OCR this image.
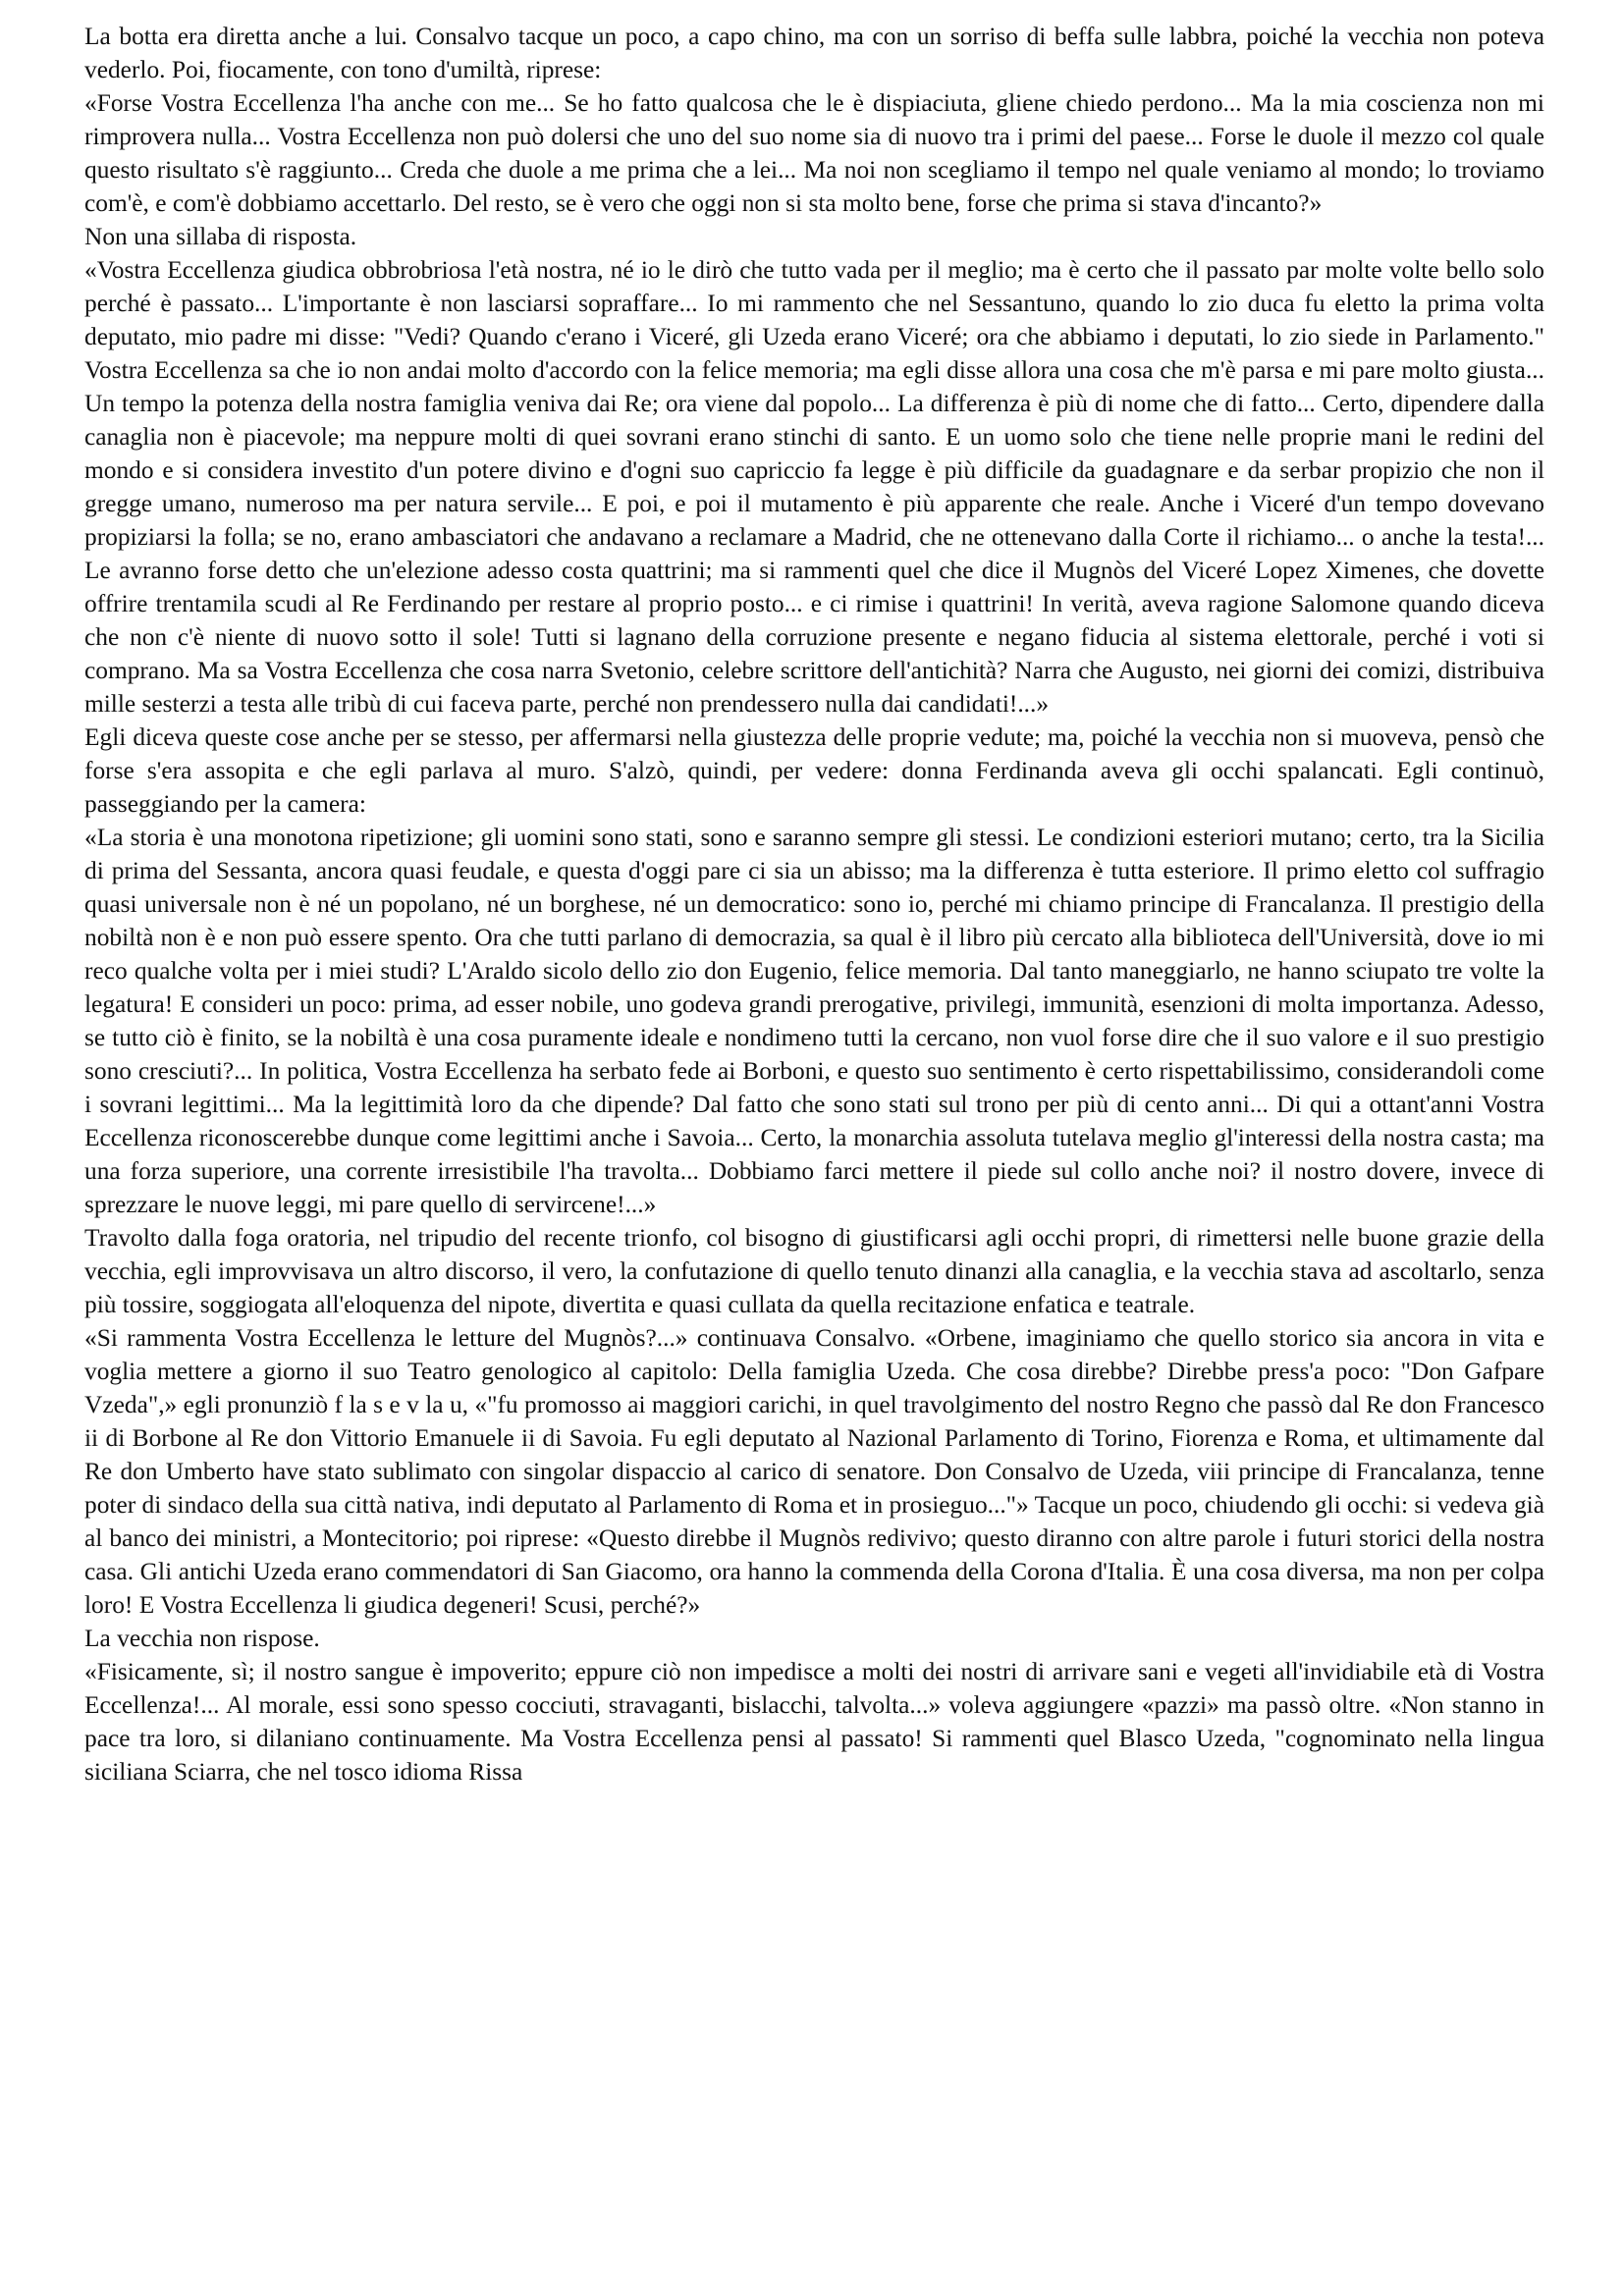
La botta era diretta anche a lui. Consalvo tacque un poco, a capo chino, ma con un sorriso di beffa sulle labbra, poiché la vecchia non poteva vederlo. Poi, fiocamente, con tono d'umiltà, riprese:

«Forse Vostra Eccellenza l'ha anche con me... Se ho fatto qualcosa che le è dispiaciuta, gliene chiedo perdono... Ma la mia coscienza non mi rimprovera nulla... Vostra Eccellenza non può dolersi che uno del suo nome sia di nuovo tra i primi del paese... Forse le duole il mezzo col quale questo risultato s'è raggiunto... Creda che duole a me prima che a lei... Ma noi non scegliamo il tempo nel quale veniamo al mondo; lo troviamo com'è, e com'è dobbiamo accettarlo. Del resto, se è vero che oggi non si sta molto bene, forse che prima si stava d'incanto?»

Non una sillaba di risposta.

«Vostra Eccellenza giudica obbrobriosa l'età nostra, né io le dirò che tutto vada per il meglio; ma è certo che il passato par molte volte bello solo perché è passato... L'importante è non lasciarsi sopraffare... Io mi rammento che nel Sessantuno, quando lo zio duca fu eletto la prima volta deputato, mio padre mi disse: "Vedi? Quando c'erano i Viceré, gli Uzeda erano Viceré; ora che abbiamo i deputati, lo zio siede in Parlamento." Vostra Eccellenza sa che io non andai molto d'accordo con la felice memoria; ma egli disse allora una cosa che m'è parsa e mi pare molto giusta... Un tempo la potenza della nostra famiglia veniva dai Re; ora viene dal popolo... La differenza è più di nome che di fatto... Certo, dipendere dalla canaglia non è piacevole; ma neppure molti di quei sovrani erano stinchi di santo. E un uomo solo che tiene nelle proprie mani le redini del mondo e si considera investito d'un potere divino e d'ogni suo capriccio fa legge è più difficile da guadagnare e da serbar propizio che non il gregge umano, numeroso ma per natura servile... E poi, e poi il mutamento è più apparente che reale. Anche i Viceré d'un tempo dovevano propiziarsi la folla; se no, erano ambasciatori che andavano a reclamare a Madrid, che ne ottenevano dalla Corte il richiamo... o anche la testa!... Le avranno forse detto che un'elezione adesso costa quattrini; ma si rammenti quel che dice il Mugnòs del Viceré Lopez Ximenes, che dovette offrire trentamila scudi al Re Ferdinando per restare al proprio posto... e ci rimise i quattrini! In verità, aveva ragione Salomone quando diceva che non c'è niente di nuovo sotto il sole! Tutti si lagnano della corruzione presente e negano fiducia al sistema elettorale, perché i voti si comprano. Ma sa Vostra Eccellenza che cosa narra Svetonio, celebre scrittore dell'antichità? Narra che Augusto, nei giorni dei comizi, distribuiva mille sesterzi a testa alle tribù di cui faceva parte, perché non prendessero nulla dai candidati!...»

Egli diceva queste cose anche per se stesso, per affermarsi nella giustezza delle proprie vedute; ma, poiché la vecchia non si muoveva, pensò che forse s'era assopita e che egli parlava al muro. S'alzò, quindi, per vedere: donna Ferdinanda aveva gli occhi spalancati. Egli continuò, passeggiando per la camera:

«La storia è una monotona ripetizione; gli uomini sono stati, sono e saranno sempre gli stessi. Le condizioni esteriori mutano; certo, tra la Sicilia di prima del Sessanta, ancora quasi feudale, e questa d'oggi pare ci sia un abisso; ma la differenza è tutta esteriore. Il primo eletto col suffragio quasi universale non è né un popolano, né un borghese, né un democratico: sono io, perché mi chiamo principe di Francalanza. Il prestigio della nobiltà non è e non può essere spento. Ora che tutti parlano di democrazia, sa qual è il libro più cercato alla biblioteca dell'Università, dove io mi reco qualche volta per i miei studi? L'Araldo sicolo dello zio don Eugenio, felice memoria. Dal tanto maneggiarlo, ne hanno sciupato tre volte la legatura! E consideri un poco: prima, ad esser nobile, uno godeva grandi prerogative, privilegi, immunità, esenzioni di molta importanza. Adesso, se tutto ciò è finito, se la nobiltà è una cosa puramente ideale e nondimeno tutti la cercano, non vuol forse dire che il suo valore e il suo prestigio sono cresciuti?... In politica, Vostra Eccellenza ha serbato fede ai Borboni, e questo suo sentimento è certo rispettabilissimo, considerandoli come i sovrani legittimi... Ma la legittimità loro da che dipende? Dal fatto che sono stati sul trono per più di cento anni... Di qui a ottant'anni Vostra Eccellenza riconoscerebbe dunque come legittimi anche i Savoia... Certo, la monarchia assoluta tutelava meglio gl'interessi della nostra casta; ma una forza superiore, una corrente irresistibile l'ha travolta... Dobbiamo farci mettere il piede sul collo anche noi? il nostro dovere, invece di sprezzare le nuove leggi, mi pare quello di servircene!...»

Travolto dalla foga oratoria, nel tripudio del recente trionfo, col bisogno di giustificarsi agli occhi propri, di rimettersi nelle buone grazie della vecchia, egli improvvisava un altro discorso, il vero, la confutazione di quello tenuto dinanzi alla canaglia, e la vecchia stava ad ascoltarlo, senza più tossire, soggiogata all'eloquenza del nipote, divertita e quasi cullata da quella recitazione enfatica e teatrale.

«Si rammenta Vostra Eccellenza le letture del Mugnòs?...» continuava Consalvo. «Orbene, imaginiamo che quello storico sia ancora in vita e voglia mettere a giorno il suo Teatro genologico al capitolo: Della famiglia Uzeda. Che cosa direbbe? Direbbe press'a poco: "Don Gafpare Vzeda",» egli pronunziò f la s e v la u, «"fu promosso ai maggiori carichi, in quel travolgimento del nostro Regno che passò dal Re don Francesco ii di Borbone al Re don Vittorio Emanuele ii di Savoia. Fu egli deputato al Nazional Parlamento di Torino, Fiorenza e Roma, et ultimamente dal Re don Umberto have stato sublimato con singolar dispaccio al carico di senatore. Don Consalvo de Uzeda, viii principe di Francalanza, tenne poter di sindaco della sua città nativa, indi deputato al Parlamento di Roma et in prosieguo..."» Tacque un poco, chiudendo gli occhi: si vedeva già al banco dei ministri, a Montecitorio; poi riprese: «Questo direbbe il Mugnòs redivivo; questo diranno con altre parole i futuri storici della nostra casa. Gli antichi Uzeda erano commendatori di San Giacomo, ora hanno la commenda della Corona d'Italia. È una cosa diversa, ma non per colpa loro! E Vostra Eccellenza li giudica degeneri! Scusi, perché?»

La vecchia non rispose.

«Fisicamente, sì; il nostro sangue è impoverito; eppure ciò non impedisce a molti dei nostri di arrivare sani e vegeti all'invidiabile età di Vostra Eccellenza!... Al morale, essi sono spesso cocciuti, stravaganti, bislacchi, talvolta...» voleva aggiungere «pazzi» ma passò oltre. «Non stanno in pace tra loro, si dilaniano continuamente. Ma Vostra Eccellenza pensi al passato! Si rammenti quel Blasco Uzeda, "cognominato nella lingua siciliana Sciarra, che nel tosco idioma Rissa
